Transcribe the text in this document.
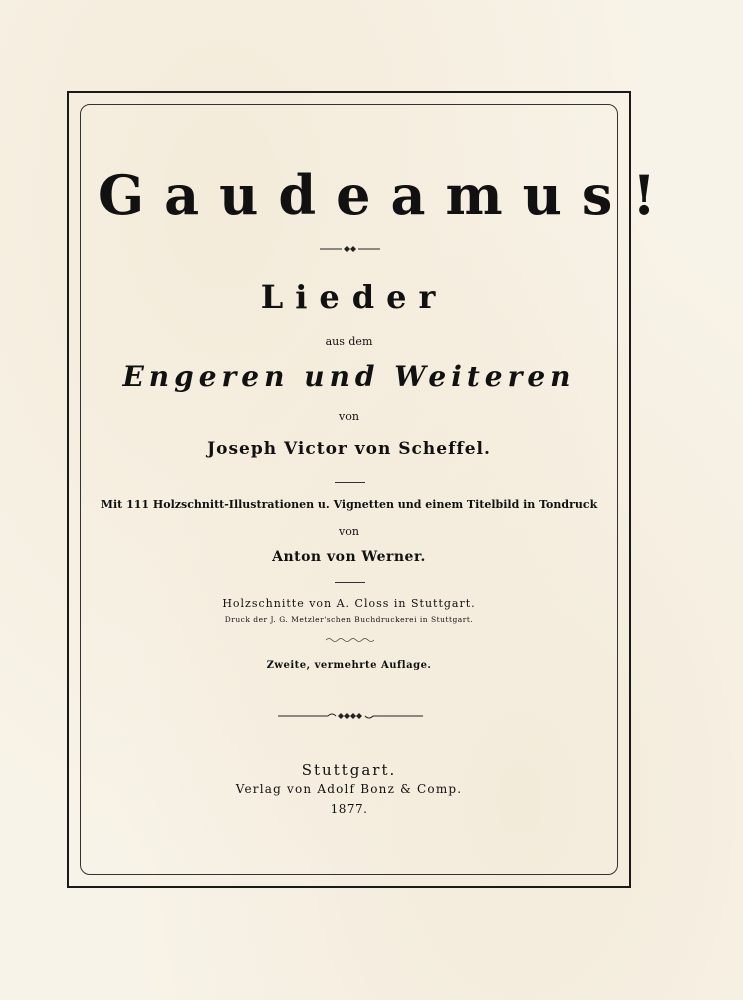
Gaudeamus!
Lieder
aus dem
Engeren und Weiteren
von
Joseph Victor von Scheffel.
Mit 111 Holzschnitt-Illustrationen u. Vignetten und einem Titelbild in Tondruck
von
Anton von Werner.
Holzschnitte von A. Closs in Stuttgart.
Druck der J. G. Metzler'schen Buchdruckerei in Stuttgart.
Zweite, vermehrte Auflage.
Stuttgart.
Verlag von Adolf Bonz & Comp.
1877.
